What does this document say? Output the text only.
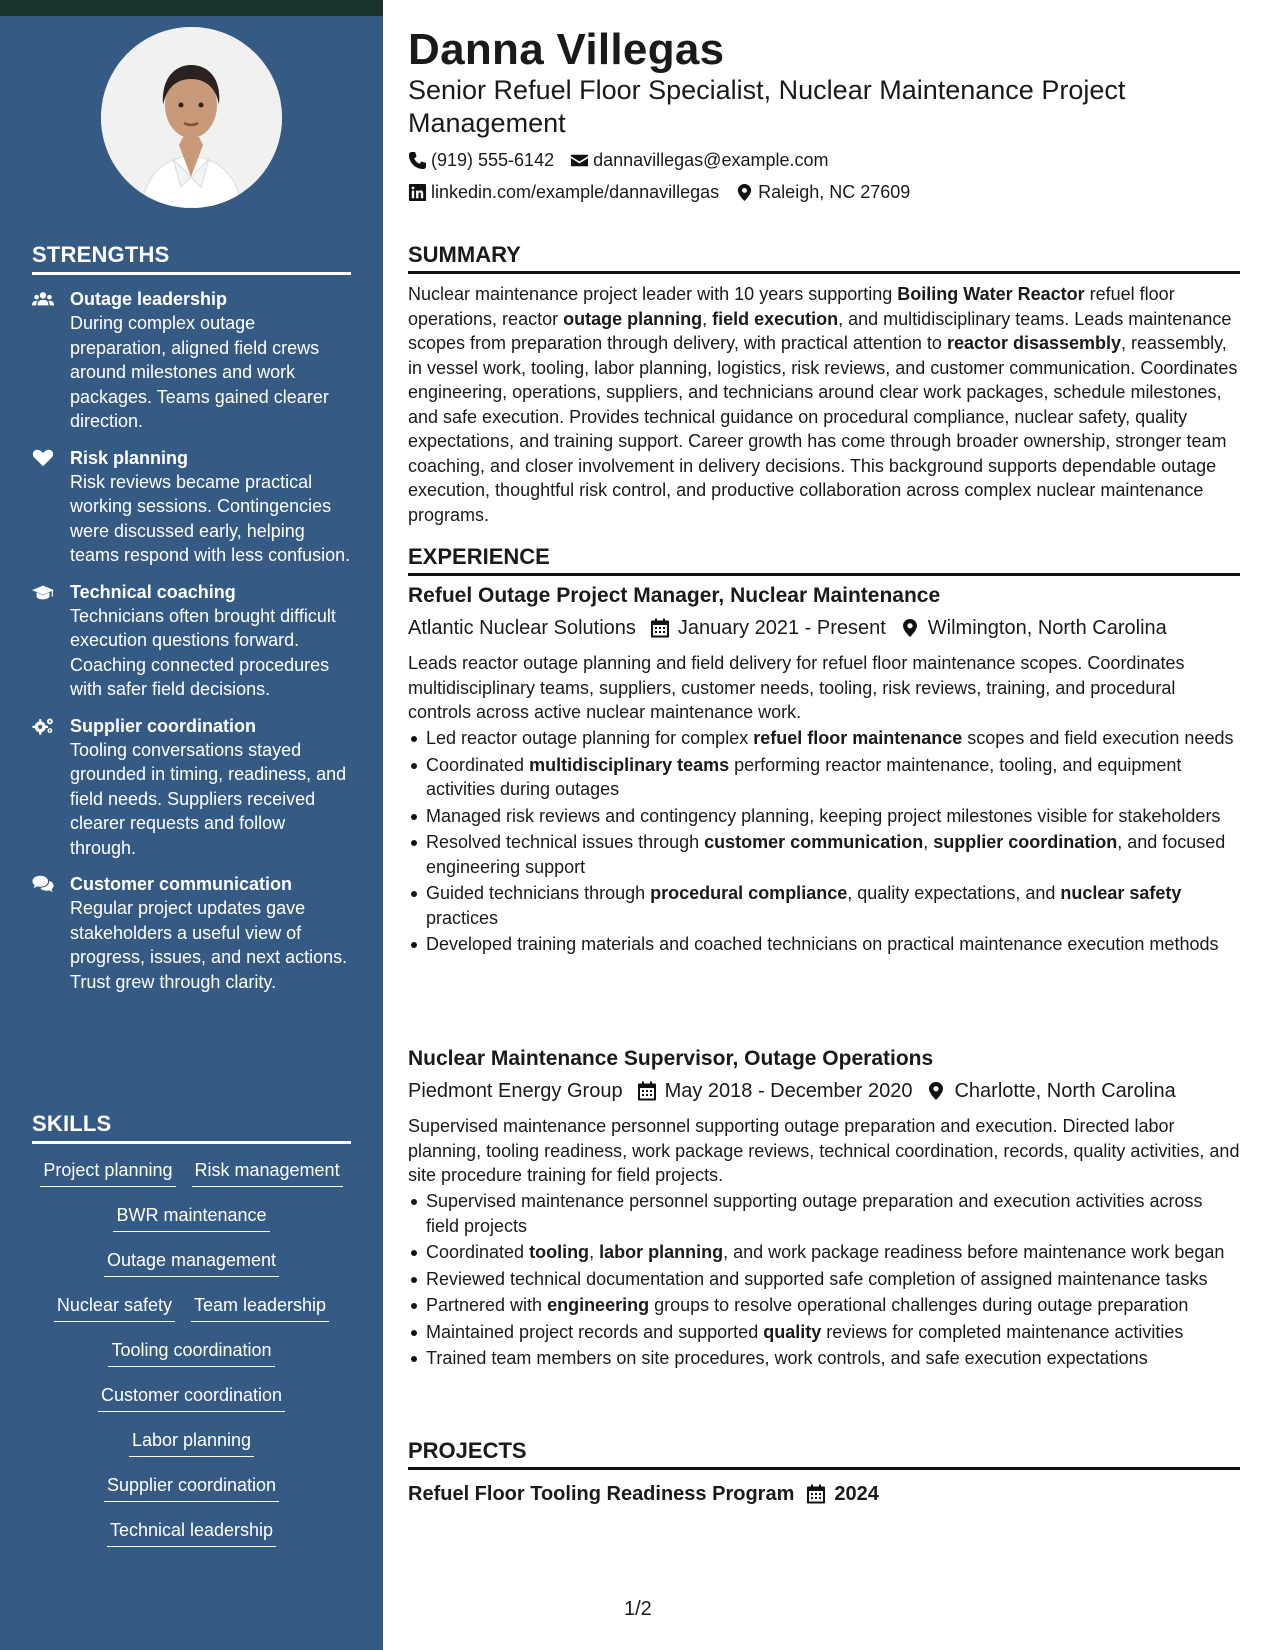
STRENGTHS
Outage leadership
During complex outage preparation, aligned field crews around milestones and work packages. Teams gained clearer direction.
Risk planning
Risk reviews became practical working sessions. Contingencies were discussed early, helping teams respond with less confusion.
Technical coaching
Technicians often brought difficult execution questions forward. Coaching connected procedures with safer field decisions.
Supplier coordination
Tooling conversations stayed grounded in timing, readiness, and field needs. Suppliers received clearer requests and follow through.
Customer communication
Regular project updates gave stakeholders a useful view of progress, issues, and next actions. Trust grew through clarity.
SKILLS
Project planning Risk management
BWR maintenance
Outage management
Nuclear safety Team leadership
Tooling coordination
Customer coordination
Labor planning
Supplier coordination
Technical leadership
Danna Villegas
Senior Refuel Floor Specialist, Nuclear Maintenance Project Management
(919) 555-6142 dannavillegas@example.com
linkedin.com/example/dannavillegas Raleigh, NC 27609
SUMMARY
Nuclear maintenance project leader with 10 years supporting Boiling Water Reactor refuel floor operations, reactor outage planning, field execution, and multidisciplinary teams. Leads maintenance scopes from preparation through delivery, with practical attention to reactor disassembly, reassembly, in vessel work, tooling, labor planning, logistics, risk reviews, and customer communication. Coordinates engineering, operations, suppliers, and technicians around clear work packages, schedule milestones, and safe execution. Provides technical guidance on procedural compliance, nuclear safety, quality expectations, and training support. Career growth has come through broader ownership, stronger team coaching, and closer involvement in delivery decisions. This background supports dependable outage execution, thoughtful risk control, and productive collaboration across complex nuclear maintenance programs.
EXPERIENCE
Refuel Outage Project Manager, Nuclear Maintenance
Atlantic Nuclear Solutions January 2021 - Present Wilmington, North Carolina
Leads reactor outage planning and field delivery for refuel floor maintenance scopes. Coordinates multidisciplinary teams, suppliers, customer needs, tooling, risk reviews, training, and procedural controls across active nuclear maintenance work.
Led reactor outage planning for complex refuel floor maintenance scopes and field execution needs
Coordinated multidisciplinary teams performing reactor maintenance, tooling, and equipment activities during outages
Managed risk reviews and contingency planning, keeping project milestones visible for stakeholders
Resolved technical issues through customer communication, supplier coordination, and focused engineering support
Guided technicians through procedural compliance, quality expectations, and nuclear safety practices
Developed training materials and coached technicians on practical maintenance execution methods
Nuclear Maintenance Supervisor, Outage Operations
Piedmont Energy Group May 2018 - December 2020 Charlotte, North Carolina
Supervised maintenance personnel supporting outage preparation and execution. Directed labor planning, tooling readiness, work package reviews, technical coordination, records, quality activities, and site procedure training for field projects.
Supervised maintenance personnel supporting outage preparation and execution activities across field projects
Coordinated tooling, labor planning, and work package readiness before maintenance work began
Reviewed technical documentation and supported safe completion of assigned maintenance tasks
Partnered with engineering groups to resolve operational challenges during outage preparation
Maintained project records and supported quality reviews for completed maintenance activities
Trained team members on site procedures, work controls, and safe execution expectations
PROJECTS
Refuel Floor Tooling Readiness Program 2024
1/2
